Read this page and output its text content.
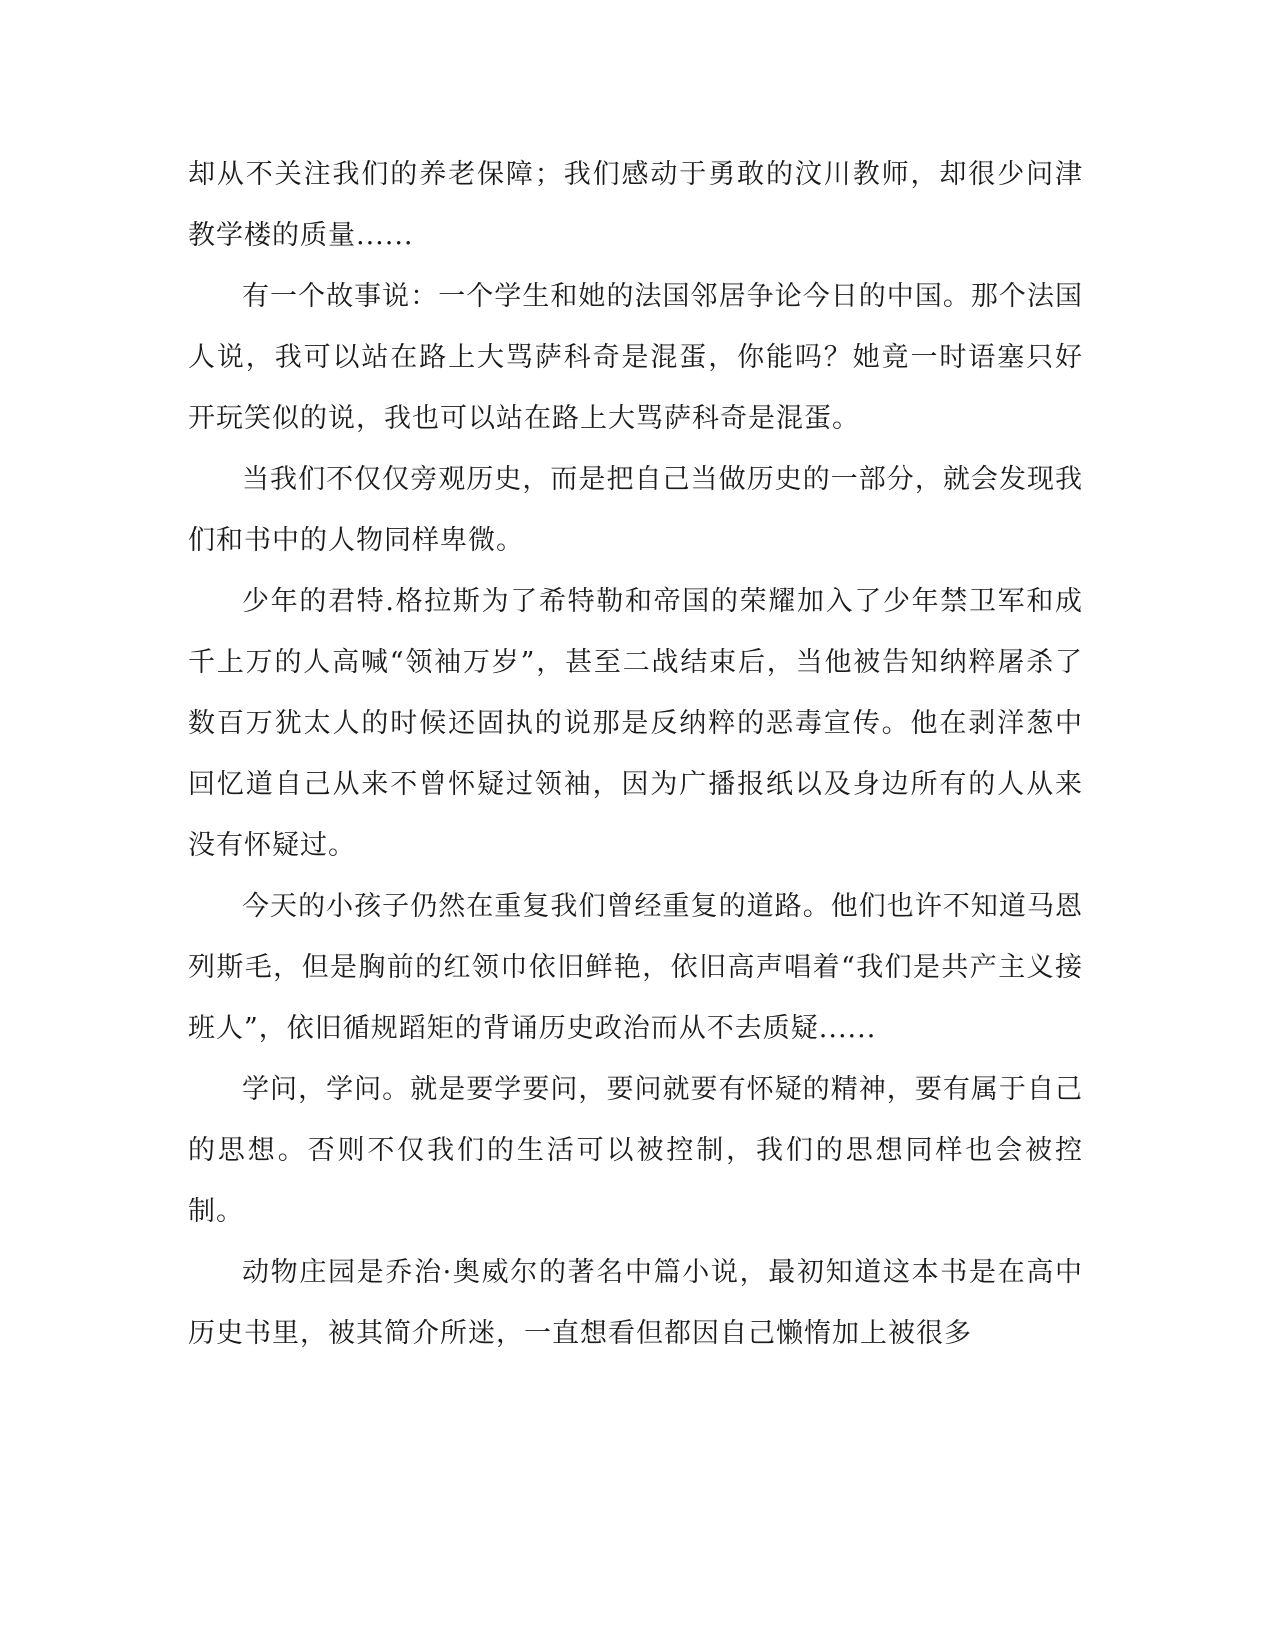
却从不关注我们的养老保障；我们感动于勇敢的汶川教师，却很少问津教学楼的质量......

有一个故事说：一个学生和她的法国邻居争论今日的中国。那个法国人说，我可以站在路上大骂萨科奇是混蛋，你能吗？她竟一时语塞只好开玩笑似的说，我也可以站在路上大骂萨科奇是混蛋。

当我们不仅仅旁观历史，而是把自己当做历史的一部分，就会发现我们和书中的人物同样卑微。

少年的君特.格拉斯为了希特勒和帝国的荣耀加入了少年禁卫军和成千上万的人高喊“领袖万岁”，甚至二战结束后，当他被告知纳粹屠杀了数百万犹太人的时候还固执的说那是反纳粹的恶毒宣传。他在剥洋葱中回忆道自己从来不曾怀疑过领袖，因为广播报纸以及身边所有的人从来没有怀疑过。

今天的小孩子仍然在重复我们曾经重复的道路。他们也许不知道马恩列斯毛，但是胸前的红领巾依旧鲜艳，依旧高声唱着“我们是共产主义接班人”，依旧循规蹈矩的背诵历史政治而从不去质疑......

学问，学问。就是要学要问，要问就要有怀疑的精神，要有属于自己的思想。否则不仅我们的生活可以被控制，我们的思想同样也会被控制。

动物庄园是乔治·奥威尔的著名中篇小说，最初知道这本书是在高中历史书里，被其简介所迷，一直想看但都因自己懒惰加上被很多
